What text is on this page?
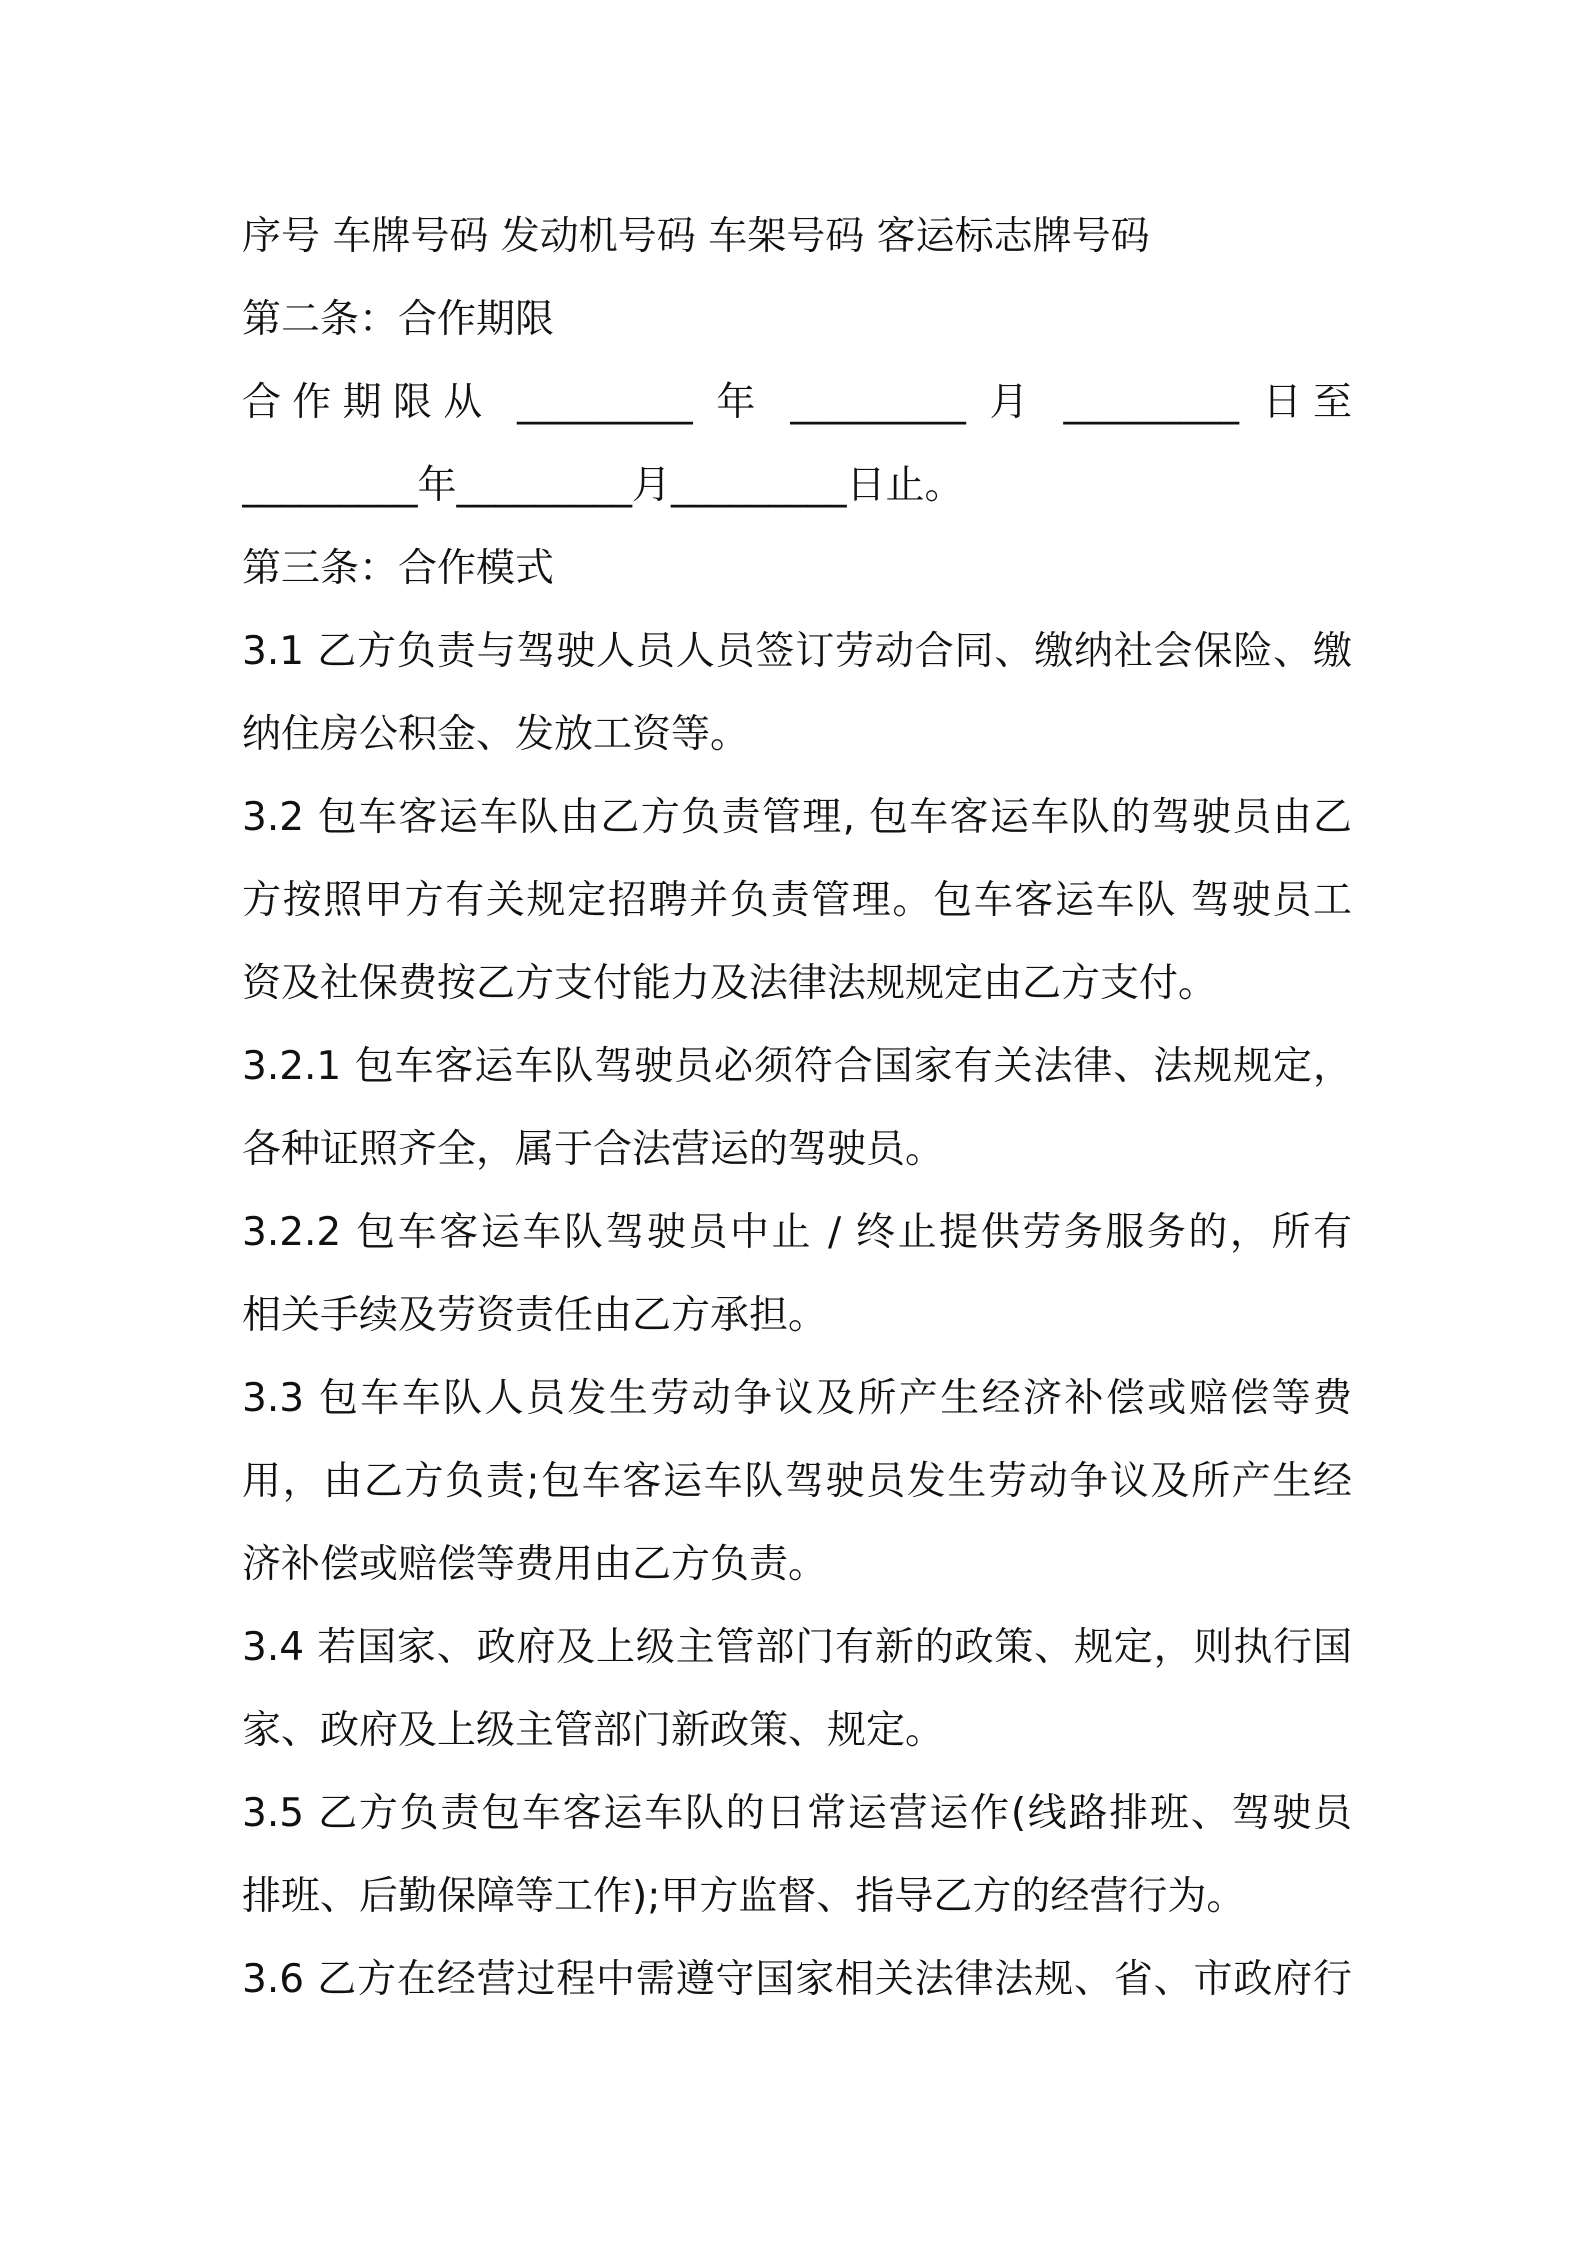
序号 车牌号码 发动机号码 车架号码 客运标志牌号码
第二条：合作期限
合作期限从 _________ 年 _________ 月 _________ 日至
_________年_________月_________日止。
第三条：合作模式
3.1 乙方负责与驾驶人员人员签订劳动合同、缴纳社会保险、缴
纳住房公积金、发放工资等。
3.2 包车客运车队由乙方负责管理, 包车客运车队的驾驶员由乙
方按照甲方有关规定招聘并负责管理。包车客运车队 驾驶员工
资及社保费按乙方支付能力及法律法规规定由乙方支付。
3.2.1 包车客运车队驾驶员必须符合国家有关法律、法规规定，
各种证照齐全，属于合法营运的驾驶员。
3.2.2 包车客运车队驾驶员中止 / 终止提供劳务服务的，所有
相关手续及劳资责任由乙方承担。
3.3 包车车队人员发生劳动争议及所产生经济补偿或赔偿等费
用，由乙方负责;包车客运车队驾驶员发生劳动争议及所产生经
济补偿或赔偿等费用由乙方负责。
3.4 若国家、政府及上级主管部门有新的政策、规定，则执行国
家、政府及上级主管部门新政策、规定。
3.5 乙方负责包车客运车队的日常运营运作(线路排班、驾驶员
排班、后勤保障等工作);甲方监督、指导乙方的经营行为。
3.6 乙方在经营过程中需遵守国家相关法律法规、省、市政府行
